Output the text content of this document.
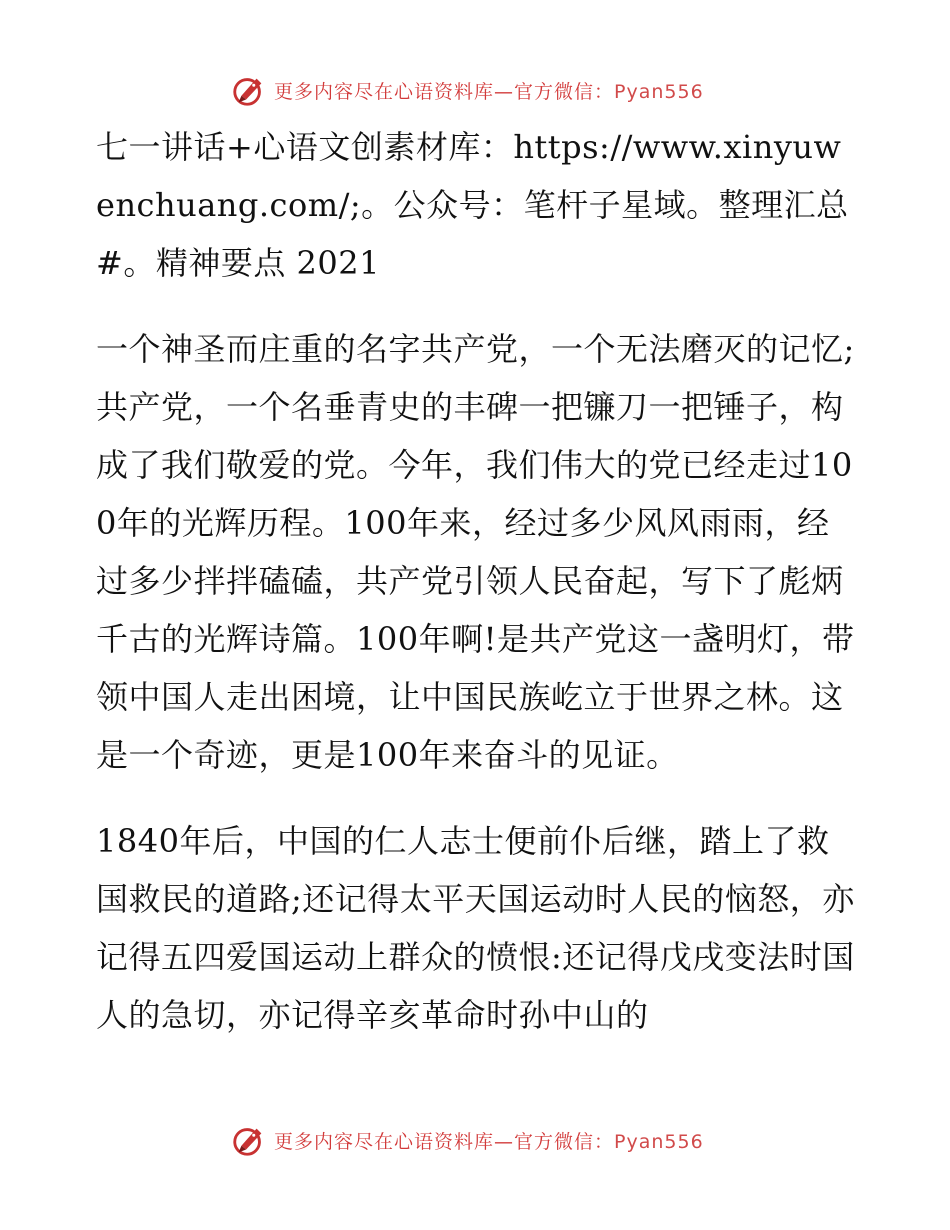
更多内容尽在心语资料库—官方微信：Pyan556

七一讲话+心语文创素材库：https://www.xinyuwenchuang.com/;。公众号：笔杆子星域。整理汇总#。精神要点 2021

一个神圣而庄重的名字共产党，一个无法磨灭的记忆;共产党，一个名垂青史的丰碑一把镰刀一把锤子，构成了我们敬爱的党。今年，我们伟大的党已经走过100年的光辉历程。100年来，经过多少风风雨雨，经过多少拌拌磕磕，共产党引领人民奋起，写下了彪炳千古的光辉诗篇。100年啊!是共产党这一盏明灯，带领中国人走出困境，让中国民族屹立于世界之林。这是一个奇迹，更是100年来奋斗的见证。

1840年后，中国的仁人志士便前仆后继，踏上了救国救民的道路;还记得太平天国运动时人民的恼怒，亦记得五四爱国运动上群众的愤恨:还记得戊戌变法时国人的急切，亦记得辛亥革命时孙中山的

更多内容尽在心语资料库—官方微信：Pyan556
